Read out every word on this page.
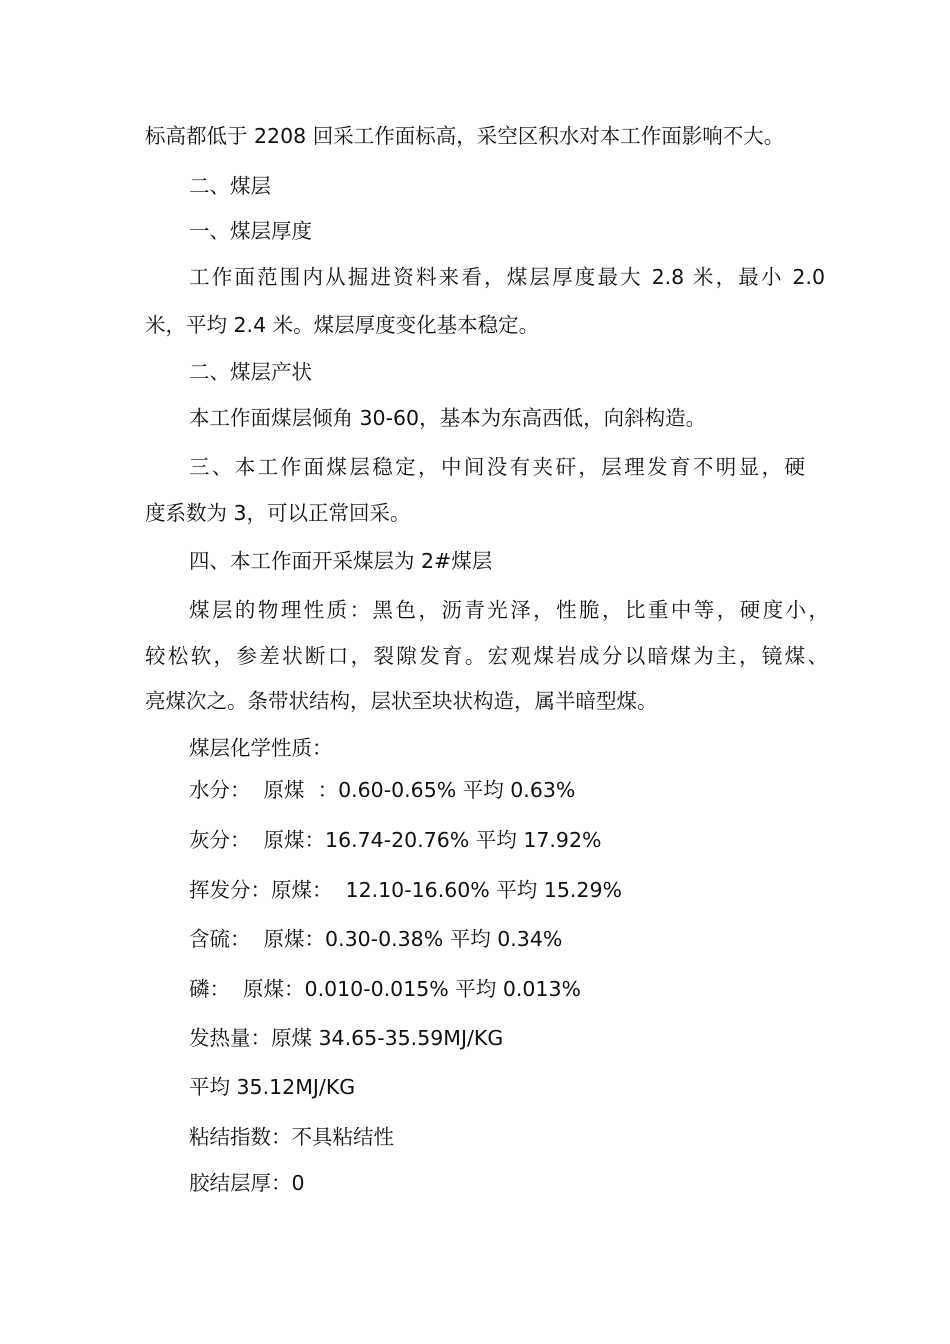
标高都低于 2208 回采工作面标高，采空区积水对本工作面影响不大。
二、煤层
一、煤层厚度
工作面范围内从掘进资料来看，煤层厚度最大 2.8 米，最小 2.0
米，平均 2.4 米。煤层厚度变化基本稳定。
二、煤层产状
本工作面煤层倾角 30-60，基本为东高西低，向斜构造。
三、本工作面煤层稳定，中间没有夹矸，层理发育不明显，硬
度系数为 3，可以正常回采。
四、本工作面开采煤层为 2#煤层
煤层的物理性质：黑色，沥青光泽，性脆，比重中等，硬度小，
较松软，参差状断口，裂隙发育。宏观煤岩成分以暗煤为主，镜煤、
亮煤次之。条带状结构，层状至块状构造，属半暗型煤。
煤层化学性质：
水分：  原煤  ：0.60-0.65% 平均 0.63%
灰分：  原煤：16.74-20.76% 平均 17.92%
挥发分：原煤：  12.10-16.60% 平均 15.29%
含硫：  原煤：0.30-0.38% 平均 0.34%
磷：  原煤：0.010-0.015% 平均 0.013%
发热量：原煤 34.65-35.59MJ/KG
平均 35.12MJ/KG
粘结指数：不具粘结性
胶结层厚：0
